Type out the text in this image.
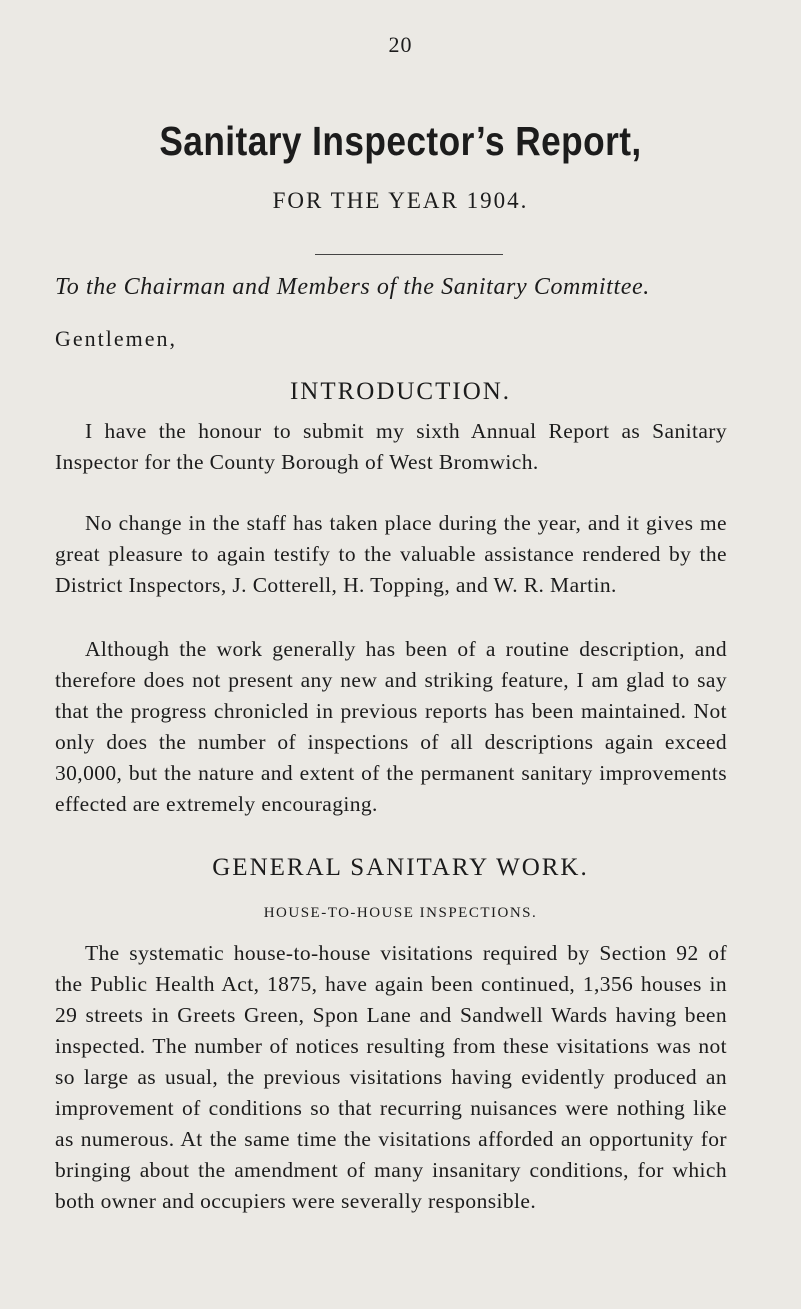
20
Sanitary Inspector’s Report,
FOR THE YEAR 1904.
To the Chairman and Members of the Sanitary Committee.
Gentlemen,
INTRODUCTION.

I have the honour to submit my sixth Annual Report as Sanitary Inspector for the County Borough of West Bromwich.

No change in the staff has taken place during the year, and it gives me great pleasure to again testify to the valuable assistance rendered by the District Inspectors, J. Cotterell, H. Topping, and W. R. Martin.

Although the work generally has been of a routine description, and therefore does not present any new and striking feature, I am glad to say that the progress chronicled in previous reports has been maintained. Not only does the number of inspections of all descriptions again exceed 30,000, but the nature and extent of the permanent sanitary improvements effected are extremely encouraging.

GENERAL SANITARY WORK.
HOUSE-TO-HOUSE INSPECTIONS.

The systematic house-to-house visitations required by Section 92 of the Public Health Act, 1875, have again been continued, 1,356 houses in 29 streets in Greets Green, Spon Lane and Sandwell Wards having been inspected. The number of notices resulting from these visitations was not so large as usual, the previous visitations having evidently produced an improvement of conditions so that recurring nuisances were nothing like as numerous. At the same time the visitations afforded an opportunity for bringing about the amendment of many insanitary conditions, for which both owner and occupiers were severally responsible.
